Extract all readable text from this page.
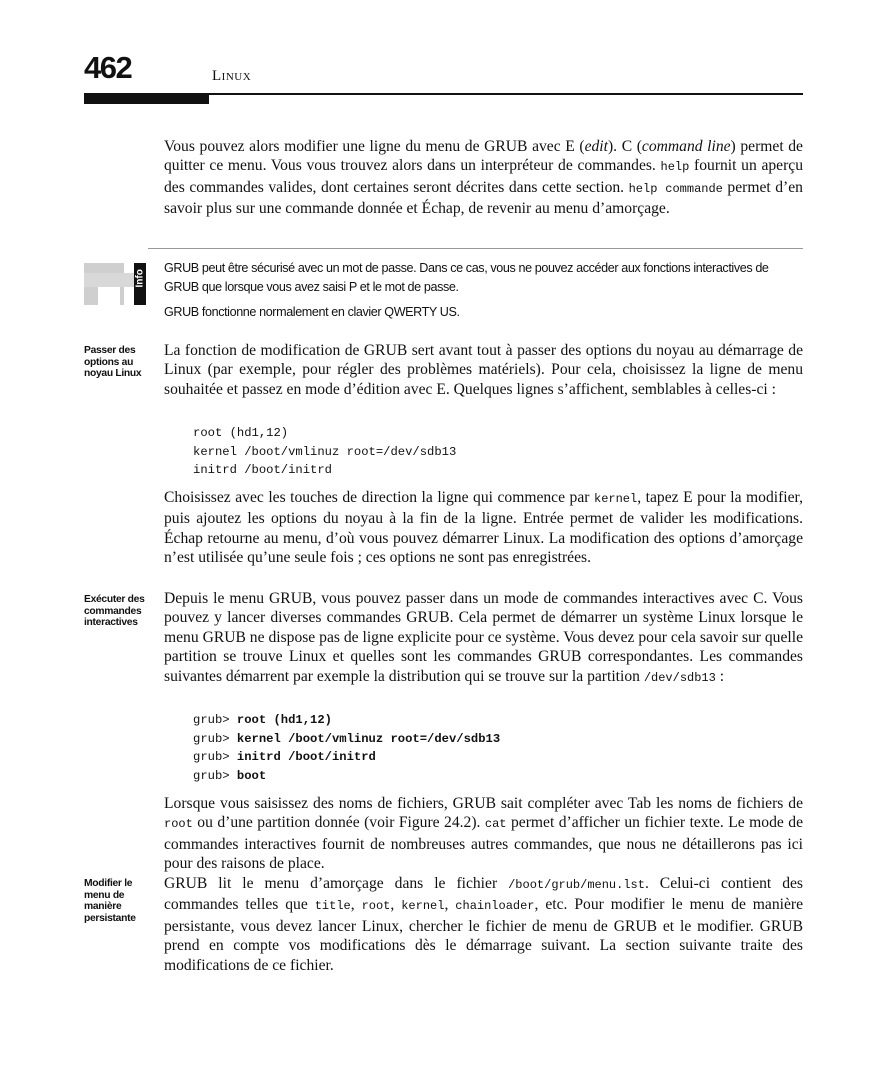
462	Linux
Vous pouvez alors modifier une ligne du menu de GRUB avec E (edit). C (command line) permet de quitter ce menu. Vous vous trouvez alors dans un interpréteur de commandes. help fournit un aperçu des commandes valides, dont certaines seront décrites dans cette section. help commande permet d’en savoir plus sur une commande donnée et Échap, de revenir au menu d’amorçage.
Info

GRUB peut être sécurisé avec un mot de passe. Dans ce cas, vous ne pouvez accéder aux fonctions interactives de GRUB que lorsque vous avez saisi P et le mot de passe.

GRUB fonctionne normalement en clavier QWERTY US.

Passer des options au noyau Linux
La fonction de modification de GRUB sert avant tout à passer des options du noyau au démarrage de Linux (par exemple, pour régler des problèmes matériels). Pour cela, choisissez la ligne de menu souhaitée et passez en mode d’édition avec E. Quelques lignes s’affichent, semblables à celles-ci :
root (hd1,12)
kernel /boot/vmlinuz root=/dev/sdb13
initrd /boot/initrd
Choisissez avec les touches de direction la ligne qui commence par kernel, tapez E pour la modifier, puis ajoutez les options du noyau à la fin de la ligne. Entrée permet de valider les modifications. Échap retourne au menu, d’où vous pouvez démarrer Linux. La modification des options d’amorçage n’est utilisée qu’une seule fois ; ces options ne sont pas enregistrées.
Exécuter des commandes interactives
Depuis le menu GRUB, vous pouvez passer dans un mode de commandes interactives avec C. Vous pouvez y lancer diverses commandes GRUB. Cela permet de démarrer un système Linux lorsque le menu GRUB ne dispose pas de ligne explicite pour ce système. Vous devez pour cela savoir sur quelle partition se trouve Linux et quelles sont les commandes GRUB correspondantes. Les commandes suivantes démarrent par exemple la distribution qui se trouve sur la partition /dev/sdb13 :
grub> root (hd1,12)
grub> kernel /boot/vmlinuz root=/dev/sdb13
grub> initrd /boot/initrd
grub> boot
Lorsque vous saisissez des noms de fichiers, GRUB sait compléter avec Tab les noms de fichiers de root ou d’une partition donnée (voir Figure 24.2). cat permet d’afficher un fichier texte. Le mode de commandes interactives fournit de nombreuses autres commandes, que nous ne détaillerons pas ici pour des raisons de place.
Modifier le menu de manière persistante
GRUB lit le menu d’amorçage dans le fichier /boot/grub/menu.lst. Celui-ci contient des commandes telles que title, root, kernel, chainloader, etc. Pour modifier le menu de manière persistante, vous devez lancer Linux, chercher le fichier de menu de GRUB et le modifier. GRUB prend en compte vos modifications dès le démarrage suivant. La section suivante traite des modifications de ce fichier.
